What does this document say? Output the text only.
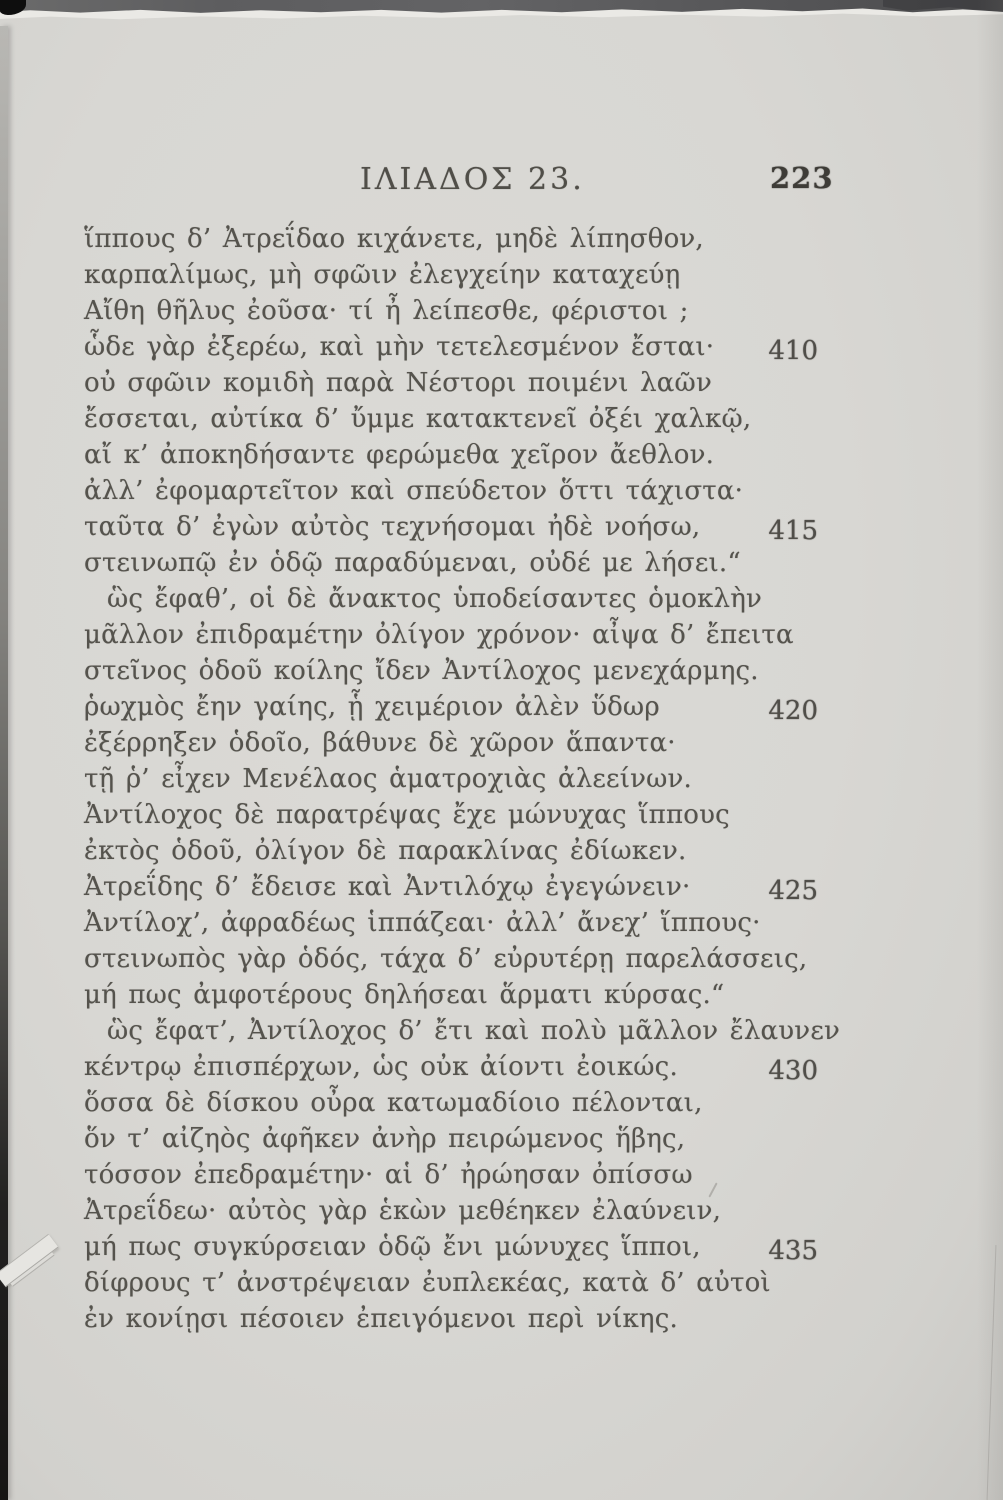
ΙΛΙΑΔΟΣ 23.	223
ἵππους δ’ Ἀτρεΐδαο κιχάνετε, μηδὲ λίπησθον,
καρπαλίμως, μὴ σφῶιν ἐλεγχείην καταχεύῃ
Αἴθη θῆλυς ἐοῦσα· τί ἦ λείπεσθε, φέριστοι ;
ὧδε γὰρ ἐξερέω, καὶ μὴν τετελεσμένον ἔσται· 410
οὐ σφῶιν κομιδὴ παρὰ Νέστορι ποιμένι λαῶν
ἔσσεται, αὐτίκα δ’ ὔμμε κατακτενεῖ ὀξέι χαλκῷ,
αἴ κ’ ἀποκηδήσαντε φερώμεθα χεῖρον ἄεθλον.
ἀλλ’ ἐφομαρτεῖτον καὶ σπεύδετον ὅττι τάχιστα·
ταῦτα δ’ ἐγὼν αὐτὸς τεχνήσομαι ἠδὲ νοήσω,	415
στεινωπῷ ἐν ὁδῷ παραδύμεναι, οὐδέ με λήσει.“
ὣς ἔφαθ’, οἱ δὲ ἄνακτος ὑποδείσαντες ὁμοκλὴν
μᾶλλον ἐπιδραμέτην ὀλίγον χρόνον· αἶψα δ’ ἔπειτα
στεῖνος ὁδοῦ κοίλης ἴδεν Ἀντίλοχος μενεχάρμης.
ῥωχμὸς ἔην γαίης, ᾗ χειμέριον ἀλὲν ὕδωρ	420
ἐξέρρηξεν ὁδοῖο, βάθυνε δὲ χῶρον ἅπαντα·
τῇ ῥ’ εἶχεν Μενέλαος ἁματροχιὰς ἀλεείνων.
Ἀντίλοχος δὲ παρατρέψας ἔχε μώνυχας ἵππους
ἐκτὸς ὁδοῦ, ὀλίγον δὲ παρακλίνας ἐδίωκεν.
Ἀτρεΐδης δ’ ἔδεισε καὶ Ἀντιλόχῳ ἐγεγώνειν·	425
Ἀντίλοχ’, ἀφραδέως ἱππάζεαι· ἀλλ’ ἄνεχ’ ἵππους·
στεινωπὸς γὰρ ὁδός, τάχα δ’ εὐρυτέρῃ παρελάσσεις,
μή πως ἀμφοτέρους δηλήσεαι ἅρματι κύρσας.“
ὣς ἔφατ’, Ἀντίλοχος δ’ ἔτι καὶ πολὺ μᾶλλον ἔλαυνεν
κέντρῳ ἐπισπέρχων, ὡς οὐκ ἀίοντι ἐοικώς.	430
ὅσσα δὲ δίσκου οὖρα κατωμαδίοιο πέλονται,
ὅν τ’ αἰζηὸς ἀφῆκεν ἀνὴρ πειρώμενος ἥβης,
τόσσον ἐπεδραμέτην· αἱ δ’ ἠρώησαν ὀπίσσω
Ἀτρεΐδεω· αὐτὸς γὰρ ἑκὼν μεθέηκεν ἐλαύνειν,
μή πως συγκύρσειαν ὁδῷ ἔνι μώνυχες ἵπποι,	435
δίφρους τ’ ἀνστρέψειαν ἐυπλεκέας, κατὰ δ’ αὐτοὶ
ἐν κονίῃσι πέσοιεν ἐπειγόμενοι περὶ νίκης.
